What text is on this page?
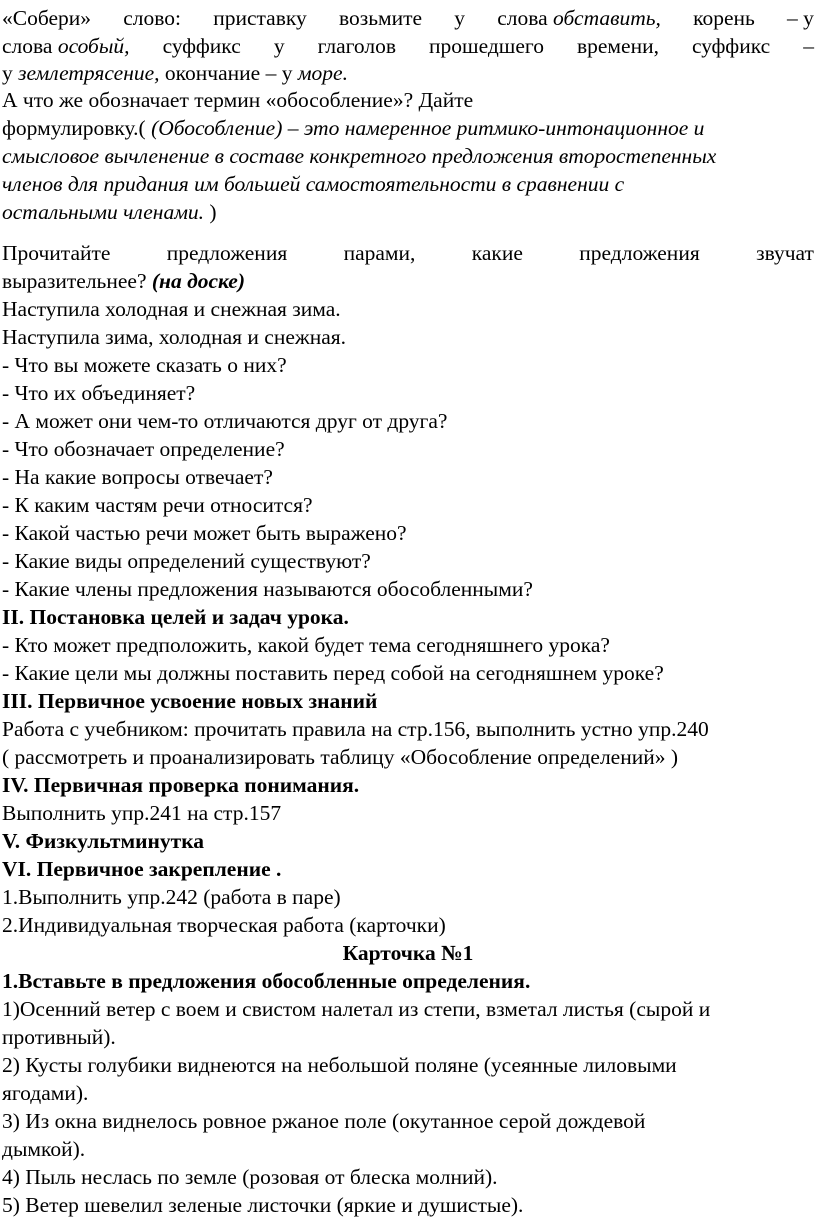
«Собери» слово: приставку возьмите у слова обставить, корень – у
слова особый, суффикс у глаголов прошедшего времени, суффикс –
у землетрясение, окончание – у море.
А что же обозначает термин «обособление»? Дайте
формулировку.( (Обособление) – это намеренное ритмико-интонационное и
смысловое вычленение в составе конкретного предложения второстепенных
членов для придания им большей самостоятельности в сравнении с
остальными членами. )
Прочитайте	предложения	парами,	какие	предложения	звучат
выразительнее? (на доске)
Наступила холодная и снежная зима.
Наступила зима, холодная и снежная.
- Что вы можете сказать о них?
- Что их объединяет?
- А может они чем-то отличаются друг от друга?
- Что обозначает определение?
- На какие вопросы отвечает?
- К каким частям речи относится?
- Какой частью речи может быть выражено?
- Какие виды определений существуют?
- Какие члены предложения называются обособленными?
II. Постановка целей и задач урока.
- Кто может предположить, какой будет тема сегодняшнего урока?
- Какие цели мы должны поставить перед собой на сегодняшнем уроке?
III. Первичное усвоение новых знаний
Работа с учебником: прочитать правила на стр.156, выполнить устно упр.240
( рассмотреть и проанализировать таблицу «Обособление определений» )
IV. Первичная проверка понимания.
Выполнить упр.241 на стр.157
V. Физкультминутка
VI. Первичное закрепление .
1.Выполнить упр.242 (работа в паре)
2.Индивидуальная творческая работа (карточки)
Карточка №1
1.Вставьте в предложения обособленные определения.
1)Осенний ветер с воем и свистом налетал из степи, взметал листья (сырой и
противный).
2) Кусты голубики виднеются на небольшой поляне (усеянные лиловыми
ягодами).
3) Из окна виднелось ровное ржаное поле (окутанное серой дождевой
дымкой).
4) Пыль неслась по земле (розовая от блеска молний).
5) Ветер шевелил зеленые листочки (яркие и душистые).
